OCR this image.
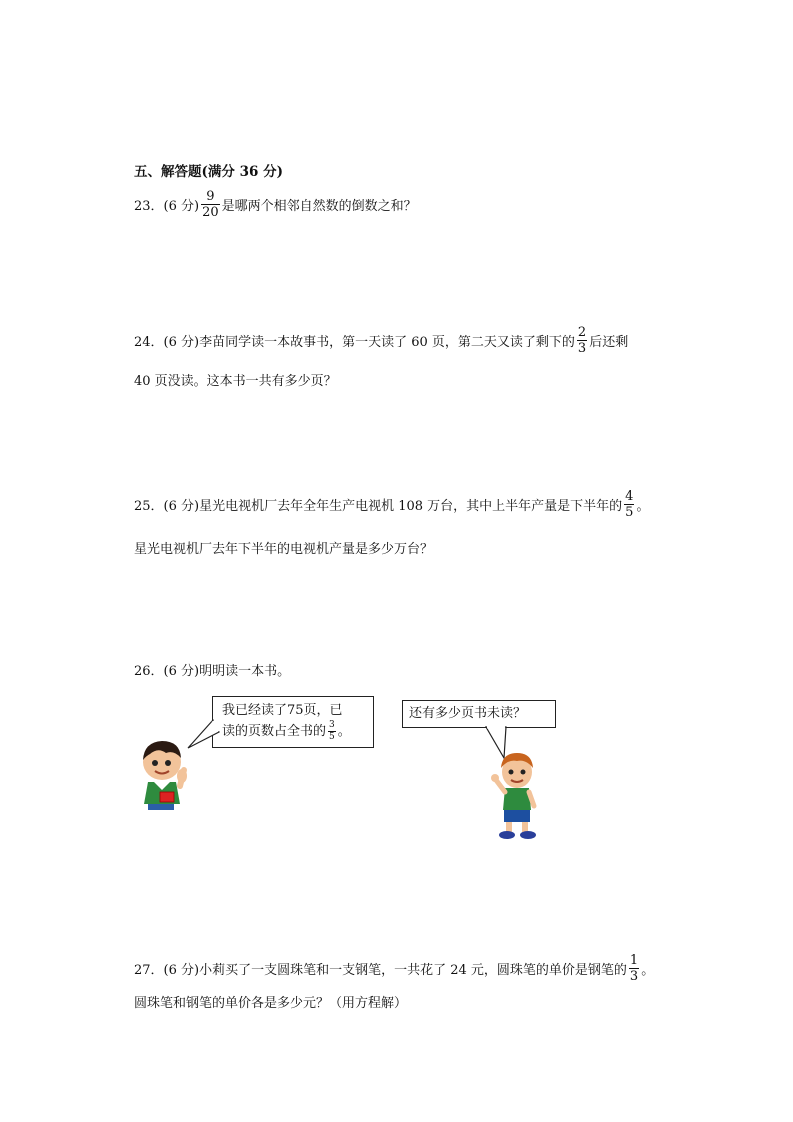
五、解答题(满分 36 分)
23．(6 分) $\frac{9}{20}$ 是哪两个相邻自然数的倒数之和？
24．(6 分) 李苗同学读一本故事书，第一天读了 60 页，第二天又读了剩下的 $\frac{2}{3}$ 后还剩
40 页没读。这本书一共有多少页？
25．(6 分) 星光电视机厂去年全年生产电视机 108 万台，其中上半年产量是下半年的 $\frac{4}{5}$ 。
星光电视机厂去年下半年的电视机产量是多少万台？
26．(6 分) 明明读一本书。
我已经读了75页，已
读的页数占全书的 $\frac{3}{5}$ 。
还有多少页书未读？
27．(6 分) 小莉买了一支圆珠笔和一支钢笔，一共花了 24 元，圆珠笔的单价是钢笔的 $\frac{1}{3}$ 。
圆珠笔和钢笔的单价各是多少元？（用方程解）
